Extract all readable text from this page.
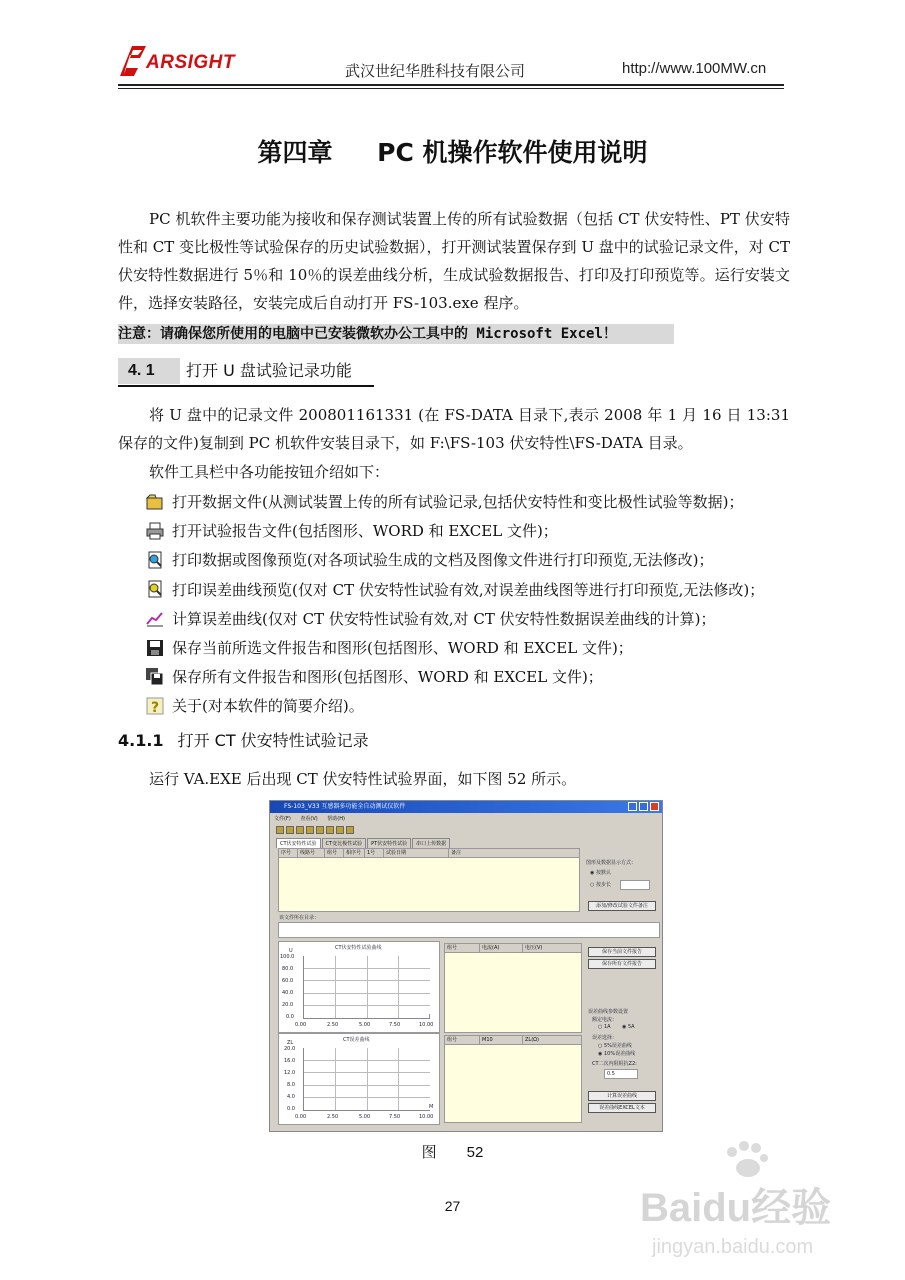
ARSIGHT	武汉世纪华胜科技有限公司	http://www.100MW.cn
第四章 PC 机操作软件使用说明

PC 机软件主要功能为接收和保存测试装置上传的所有试验数据（包括 CT 伏安特性、PT 伏安特性和 CT 变比极性等试验保存的历史试验数据），打开测试装置保存到 U 盘中的试验记录文件，对 CT 伏安特性数据进行 5％和 10％的误差曲线分析，生成试验数据报告、打印及打印预览等。运行安装文件，选择安装路径，安装完成后自动打开 FS-103.exe 程序。

注意：请确保您所使用的电脑中已安装微软办公工具中的 Microsoft Excel！
4. 1	打开 U 盘试验记录功能

将 U 盘中的记录文件 200801161331 (在 FS-DATA 目录下,表示 2008 年 1 月 16 日 13:31 保存的文件)复制到 PC 机软件安装目录下，如 F:\FS-103 伏安特性\FS-DATA 目录。

软件工具栏中各功能按钮介绍如下：

打开数据文件(从测试装置上传的所有试验记录,包括伏安特性和变比极性试验等数据)；
打开试验报告文件(包括图形、WORD 和 EXCEL 文件)；
打印数据或图像预览(对各项试验生成的文档及图像文件进行打印预览,无法修改)；
打印误差曲线预览(仅对 CT 伏安特性试验有效,对误差曲线图等进行打印预览,无法修改)；
计算误差曲线(仅对 CT 伏安特性试验有效,对 CT 伏安特性数据误差曲线的计算)；
保存当前所选文件报告和图形(包括图形、WORD 和 EXCEL 文件)；
保存所有文件报告和图形(包括图形、WORD 和 EXCEL 文件)；
? 关于(对本软件的简要介绍)。
4.1.1 打开 CT 伏安特性试验记录

运行 VA.EXE 后出现 CT 伏安特性试验界面，如下图 52 所示。

FS-103_V33 互感器多功能全自动测试仪软件
文件(F) 查看(V) 帮助(H)
CT伏安特性试验	CT变比极性试验	PT伏安特性试验	串口上传数据
序号	线路号	组号	相序号	1号	试验日期	备注
图形及数据显示方式：
◉ 按默认
○ 按步长
添加/修改试验文件备注
该文件所在目录：
CT伏安特性试验曲线
U
I
100.0
80.0
60.0
40.0
20.0
0.0
0.00	2.50	5.00	7.50	10.00
CT误差曲线
ZL
M
20.0
16.0
12.0
8.0
4.0
0.0
0.00	2.50	5.00	7.50	10.00
组号	电流(A)	电压(V)
组号	M10	ZL(Ω)
保存当前文件报告
保存所有文件报告
误差曲线参数设置
额定电流：
○ 1A ◉ 5A
误差选择：
○ 5%误差曲线
◉ 10%误差曲线
CT二次内阻阻抗Z2:
0.5
计算误差曲线
误差曲线EXCEL文本
图 52
27	Baidu经验
jingyan.baidu.com
